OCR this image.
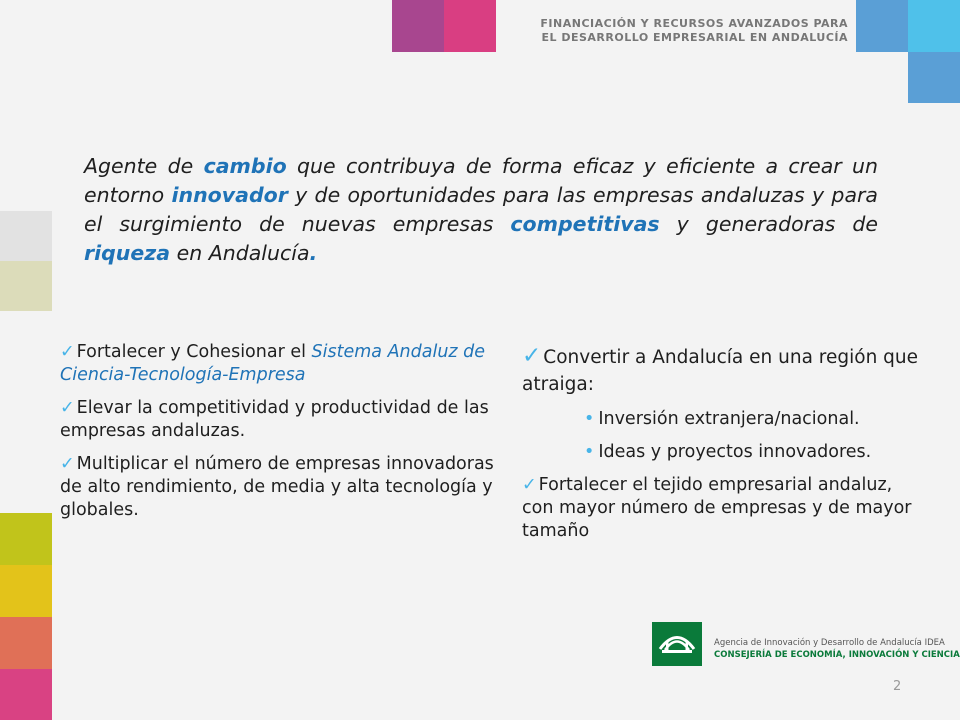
FINANCIACIÓN Y RECURSOS AVANZADOS PARA
EL DESARROLLO EMPRESARIAL EN ANDALUCÍA
Agente de cambio que contribuya de forma eficaz y eficiente a crear un entorno innovador y de oportunidades para las empresas andaluzas y para el surgimiento de nuevas empresas competitivas y generadoras de riqueza en Andalucía.

✓ Fortalecer y Cohesionar el Sistema Andaluz de Ciencia-Tecnología-Empresa

✓ Elevar la competitividad y productividad de las empresas andaluzas.

✓ Multiplicar el número de empresas innovadoras de alto rendimiento, de media y alta tecnología y globales.

✓ Convertir a Andalucía en una región que atraiga:

• Inversión extranjera/nacional.

• Ideas y proyectos innovadores.

✓ Fortalecer el tejido empresarial andaluz, con mayor número de empresas y de mayor tamaño

Agencia de Innovación y Desarrollo de Andalucía IDEA
CONSEJERÍA DE ECONOMÍA, INNOVACIÓN Y CIENCIA
2
